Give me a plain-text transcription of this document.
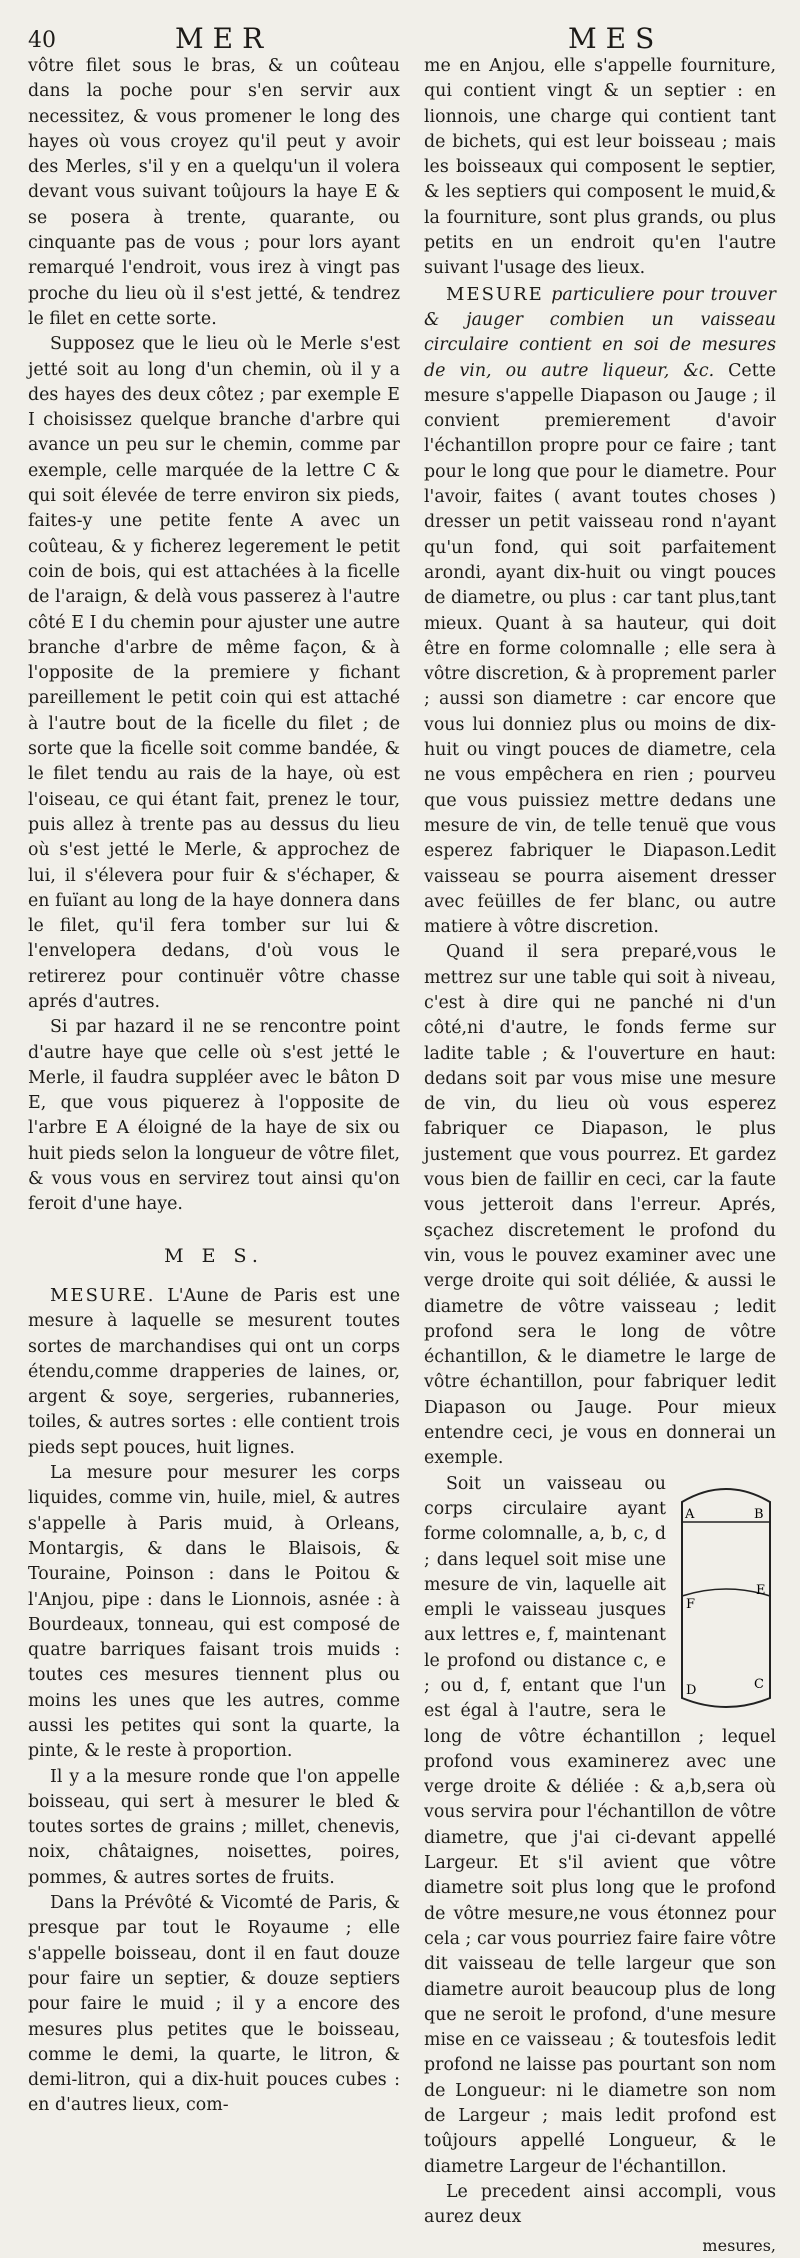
40	MER	MES

vôtre filet sous le bras, & un coûteau dans la poche pour s'en servir aux necessitez, & vous promener le long des hayes où vous croyez qu'il peut y avoir des Merles, s'il y en a quelqu'un il volera devant vous suivant toûjours la haye E & se posera à trente, quarante, ou cinquante pas de vous ; pour lors ayant remarqué l'endroit, vous irez à vingt pas proche du lieu où il s'est jetté, & tendrez le filet en cette sorte.

Supposez que le lieu où le Merle s'est jetté soit au long d'un chemin, où il y a des hayes des deux côtez ; par exemple E I choisissez quelque branche d'arbre qui avance un peu sur le chemin, comme par exemple, celle marquée de la lettre C & qui soit élevée de terre environ six pieds, faites-y une petite fente A avec un coûteau, & y ficherez legerement le petit coin de bois, qui est attachées à la ficelle de l'araign, & delà vous passerez à l'autre côté E I du chemin pour ajuster une autre branche d'arbre de même façon, & à l'opposite de la premiere y fichant pareillement le petit coin qui est attaché à l'autre bout de la ficelle du filet ; de sorte que la ficelle soit comme bandée, & le filet tendu au rais de la haye, où est l'oiseau, ce qui étant fait, prenez le tour, puis allez à trente pas au dessus du lieu où s'est jetté le Merle, & approchez de lui, il s'élevera pour fuir & s'échaper, & en fuïant au long de la haye donnera dans le filet, qu'il fera tomber sur lui & l'envelopera dedans, d'où vous le retirerez pour continuër vôtre chasse aprés d'autres.

Si par hazard il ne se rencontre point d'autre haye que celle où s'est jetté le Merle, il faudra suppléer avec le bâton D E, que vous piquerez à l'opposite de l'arbre E A éloigné de la haye de six ou huit pieds selon la longueur de vôtre filet, & vous vous en servirez tout ainsi qu'on feroit d'une haye.

M E S.

MESURE. L'Aune de Paris est une mesure à laquelle se mesurent toutes sortes de marchandises qui ont un corps étendu,comme drapperies de laines, or, argent & soye, sergeries, rubanneries, toiles, & autres sortes : elle contient trois pieds sept pouces, huit lignes.

La mesure pour mesurer les corps liquides, comme vin, huile, miel, & autres s'appelle à Paris muid, à Orleans, Montargis, & dans le Blaisois, & Touraine, Poinson : dans le Poitou & l'Anjou, pipe : dans le Lionnois, asnée : à Bourdeaux, tonneau, qui est composé de quatre barriques faisant trois muids : toutes ces mesures tiennent plus ou moins les unes que les autres, comme aussi les petites qui sont la quarte, la pinte, & le reste à proportion.

Il y a la mesure ronde que l'on appelle boisseau, qui sert à mesurer le bled & toutes sortes de grains ; millet, chenevis, noix, châtaignes, noisettes, poires, pommes, & autres sortes de fruits.

Dans la Prévôté & Vicomté de Paris, & presque par tout le Royaume ; elle s'appelle boisseau, dont il en faut douze pour faire un septier, & douze septiers pour faire le muid ; il y a encore des mesures plus petites que le boisseau, comme le demi, la quarte, le litron, & demi-litron, qui a dix-huit pouces cubes : en d'autres lieux, com-

me en Anjou, elle s'appelle fourniture, qui contient vingt & un septier : en lionnois, une charge qui contient tant de bichets, qui est leur boisseau ; mais les boisseaux qui composent le septier, & les septiers qui composent le muid,& la fourniture, sont plus grands, ou plus petits en un endroit qu'en l'autre suivant l'usage des lieux.

MESURE particuliere pour trouver & jauger combien un vaisseau circulaire contient en soi de mesures de vin, ou autre liqueur, &c. Cette mesure s'appelle Diapason ou Jauge ; il convient premierement d'avoir l'échantillon propre pour ce faire ; tant pour le long que pour le diametre. Pour l'avoir, faites ( avant toutes choses ) dresser un petit vaisseau rond n'ayant qu'un fond, qui soit parfaitement arondi, ayant dix-huit ou vingt pouces de diametre, ou plus : car tant plus,tant mieux. Quant à sa hauteur, qui doit être en forme colomnalle ; elle sera à vôtre discretion, & à proprement parler ; aussi son diametre : car encore que vous lui donniez plus ou moins de dix-huit ou vingt pouces de diametre, cela ne vous empêchera en rien ; pourveu que vous puissiez mettre dedans une mesure de vin, de telle tenuë que vous esperez fabriquer le Diapason.Ledit vaisseau se pourra aisement dresser avec feüilles de fer blanc, ou autre matiere à vôtre discretion.

Quand il sera preparé,vous le mettrez sur une table qui soit à niveau, c'est à dire qui ne panché ni d'un côté,ni d'autre, le fonds ferme sur ladite table ; & l'ouverture en haut: dedans soit par vous mise une mesure de vin, du lieu où vous esperez fabriquer ce Diapason, le plus justement que vous pourrez. Et gardez vous bien de faillir en ceci, car la faute vous jetteroit dans l'erreur. Aprés, sçachez discretement le profond du vin, vous le pouvez examiner avec une verge droite qui soit déliée, & aussi le diametre de vôtre vaisseau ; ledit profond sera le long de vôtre échantillon, & le diametre le large de vôtre échantillon, pour fabriquer ledit Diapason ou Jauge. Pour mieux entendre ceci, je vous en donnerai un exemple.

A	B
F
E
D	C

Soit un vaisseau ou corps circulaire ayant forme colomnalle, a, b, c, d ; dans lequel soit mise une mesure de vin, laquelle ait empli le vaisseau jusques aux lettres e, f, maintenant le profond ou distance c, e ; ou d, f, entant que l'un est égal à l'autre, sera le long de vôtre échantillon ; lequel profond vous examinerez avec une verge droite & déliée : & a,b,sera où vous servira pour l'échantillon de vôtre diametre, que j'ai ci-devant appellé Largeur. Et s'il avient que vôtre diametre soit plus long que le profond de vôtre mesure,ne vous étonnez pour cela ; car vous pourriez faire faire vôtre dit vaisseau de telle largeur que son diametre auroit beaucoup plus de long que ne seroit le profond, d'une mesure mise en ce vaisseau ; & toutesfois ledit profond ne laisse pas pourtant son nom de Longueur: ni le diametre son nom de Largeur ; mais ledit profond est toûjours appellé Longueur, & le diametre Largeur de l'échantillon.

Le precedent ainsi accompli, vous aurez deux

mesures,
